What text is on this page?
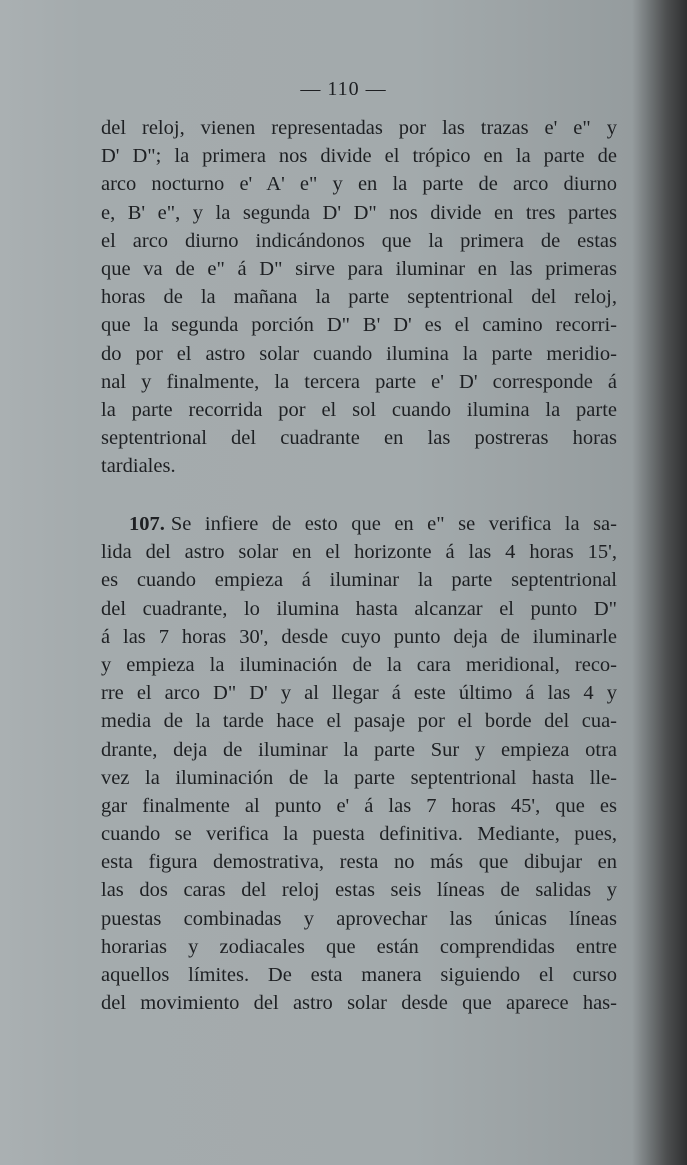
— 110 —
del reloj, vienen representadas por las trazas e' e" y
D' D"; la primera nos divide el trópico en la parte de
arco nocturno e' A' e" y en la parte de arco diurno
e, B' e", y la segunda D' D" nos divide en tres partes
el arco diurno indicándonos que la primera de estas
que va de e" á D" sirve para iluminar en las primeras
horas de la mañana la parte septentrional del reloj,
que la segunda porción D" B' D' es el camino recorri-
do por el astro solar cuando ilumina la parte meridio-
nal y finalmente, la tercera parte e' D' corresponde á
la parte recorrida por el sol cuando ilumina la parte
septentrional del cuadrante en las postreras horas
tardiales.
107. Se infiere de esto que en e" se verifica la sa-
lida del astro solar en el horizonte á las 4 horas 15',
es cuando empieza á iluminar la parte septentrional
del cuadrante, lo ilumina hasta alcanzar el punto D"
á las 7 horas 30', desde cuyo punto deja de iluminarle
y empieza la iluminación de la cara meridional, reco-
rre el arco D" D' y al llegar á este último á las 4 y
media de la tarde hace el pasaje por el borde del cua-
drante, deja de iluminar la parte Sur y empieza otra
vez la iluminación de la parte septentrional hasta lle-
gar finalmente al punto e' á las 7 horas 45', que es
cuando se verifica la puesta definitiva. Mediante, pues,
esta figura demostrativa, resta no más que dibujar en
las dos caras del reloj estas seis líneas de salidas y
puestas combinadas y aprovechar las únicas líneas
horarias y zodiacales que están comprendidas entre
aquellos límites. De esta manera siguiendo el curso
del movimiento del astro solar desde que aparece has-
